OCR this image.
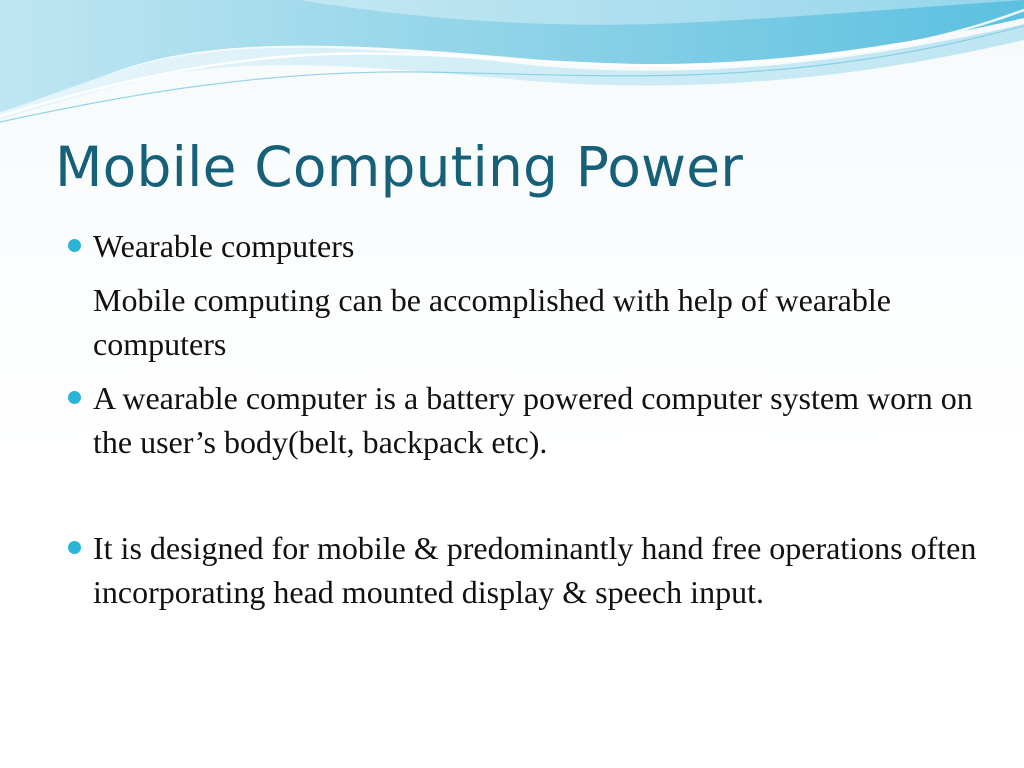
Mobile Computing Power
Wearable computers
Mobile computing can be accomplished with help of wearable computers
A wearable computer is a battery powered computer system worn on the user’s body(belt, backpack etc).
It is designed for mobile & predominantly hand free operations often incorporating head mounted display & speech input.
